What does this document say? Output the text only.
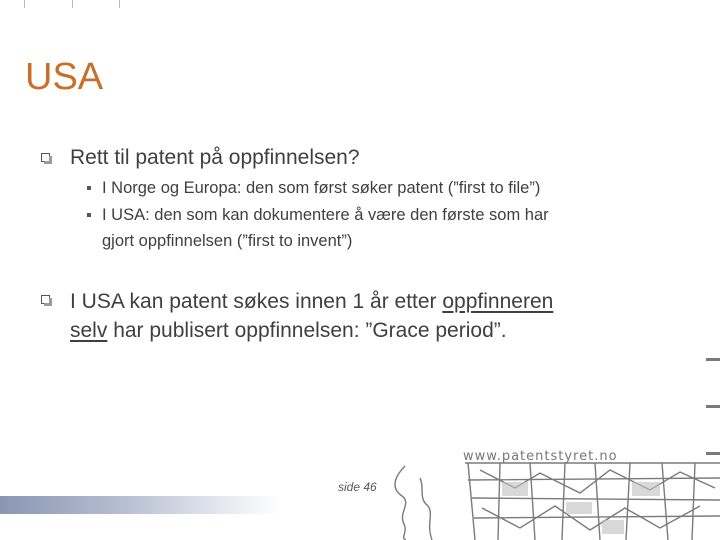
USA
Rett til patent på oppfinnelsen?
I Norge og Europa: den som først søker patent (”first to file”)
I USA: den som kan dokumentere å være den første som har
gjort oppfinnelsen (”first to invent”)
I USA kan patent søkes innen 1 år etter oppfinneren
selv har publisert oppfinnelsen: ”Grace period”.
side 46
www.patentstyret.no
